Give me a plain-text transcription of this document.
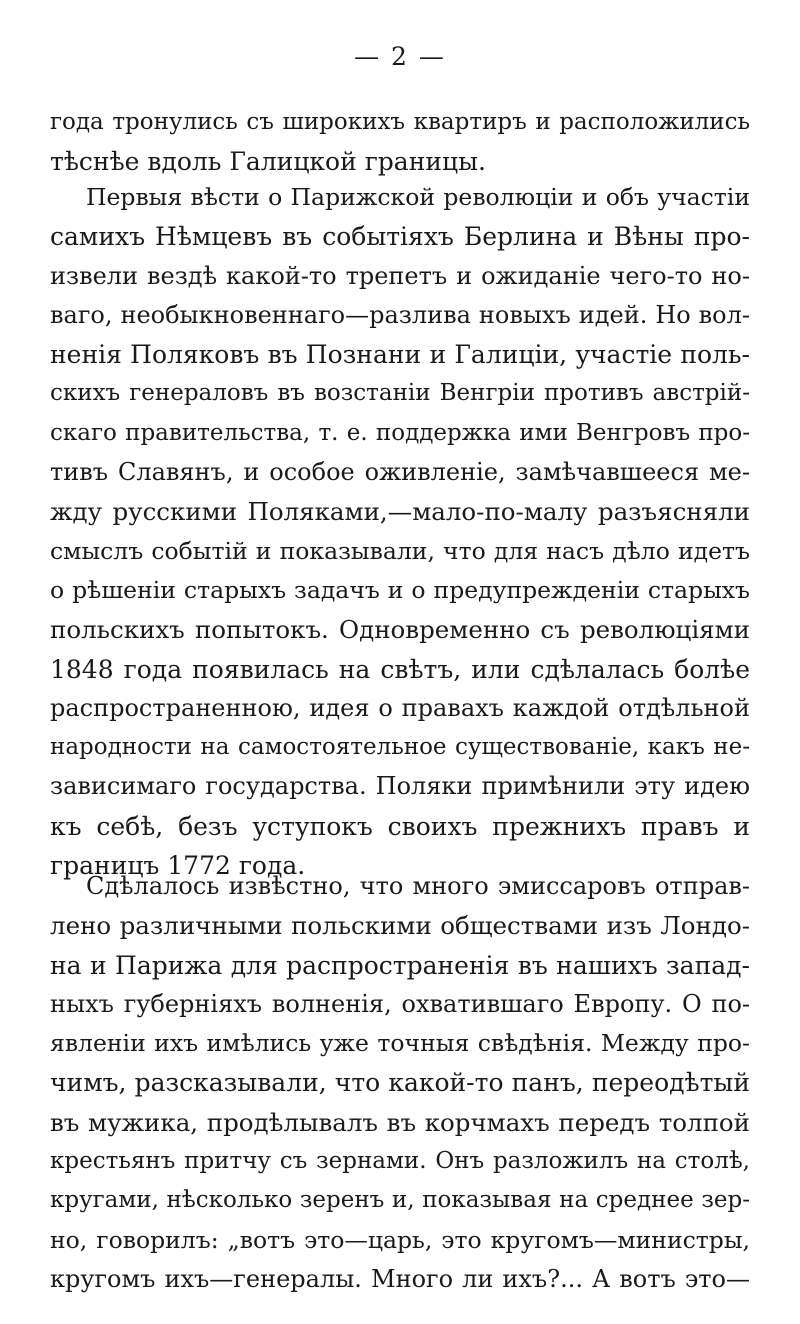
— 2 —
года тронулись съ широкихъ квартиръ и расположились
тѣснѣе вдоль Галицкой границы.
Первыя вѣсти о Парижской революціи и объ участіи
самихъ Нѣмцевъ въ событіяхъ Берлина и Вѣны про-
извели вездѣ какой-то трепетъ и ожиданіе чего-то но-
ваго, необыкновеннаго—разлива новыхъ идей. Но вол-
ненія Поляковъ въ Познани и Галиціи, участіе поль-
скихъ генераловъ въ возстаніи Венгріи противъ австрій-
скаго правительства, т. е. поддержка ими Венгровъ про-
тивъ Славянъ, и особое оживленіе, замѣчавшееся ме-
жду русскими Поляками,—мало-по-малу разъясняли
смыслъ событій и показывали, что для насъ дѣло идетъ
о рѣшеніи старыхъ задачъ и о предупрежденіи старыхъ
польскихъ попытокъ. Одновременно съ революціями
1848 года появилась на свѣтъ, или сдѣлалась болѣе
распространенною, идея о правахъ каждой отдѣльной
народности на самостоятельное существованіе, какъ не-
зависимаго государства. Поляки примѣнили эту идею
къ себѣ, безъ уступокъ своихъ прежнихъ правъ и
границъ 1772 года.
Сдѣлалось извѣстно, что много эмиссаровъ отправ-
лено различными польскими обществами изъ Лондо-
на и Парижа для распространенія въ нашихъ запад-
ныхъ губерніяхъ волненія, охватившаго Европу. О по-
явленіи ихъ имѣлись уже точныя свѣдѣнія. Между про-
чимъ, разсказывали, что какой-то панъ, переодѣтый
въ мужика, продѣлывалъ въ корчмахъ передъ толпой
крестьянъ притчу съ зернами. Онъ разложилъ на столѣ,
кругами, нѣсколько зеренъ и, показывая на среднее зер-
но, говорилъ: „вотъ это—царь, это кругомъ—министры,
кругомъ ихъ—генералы. Много ли ихъ?... А вотъ это—
